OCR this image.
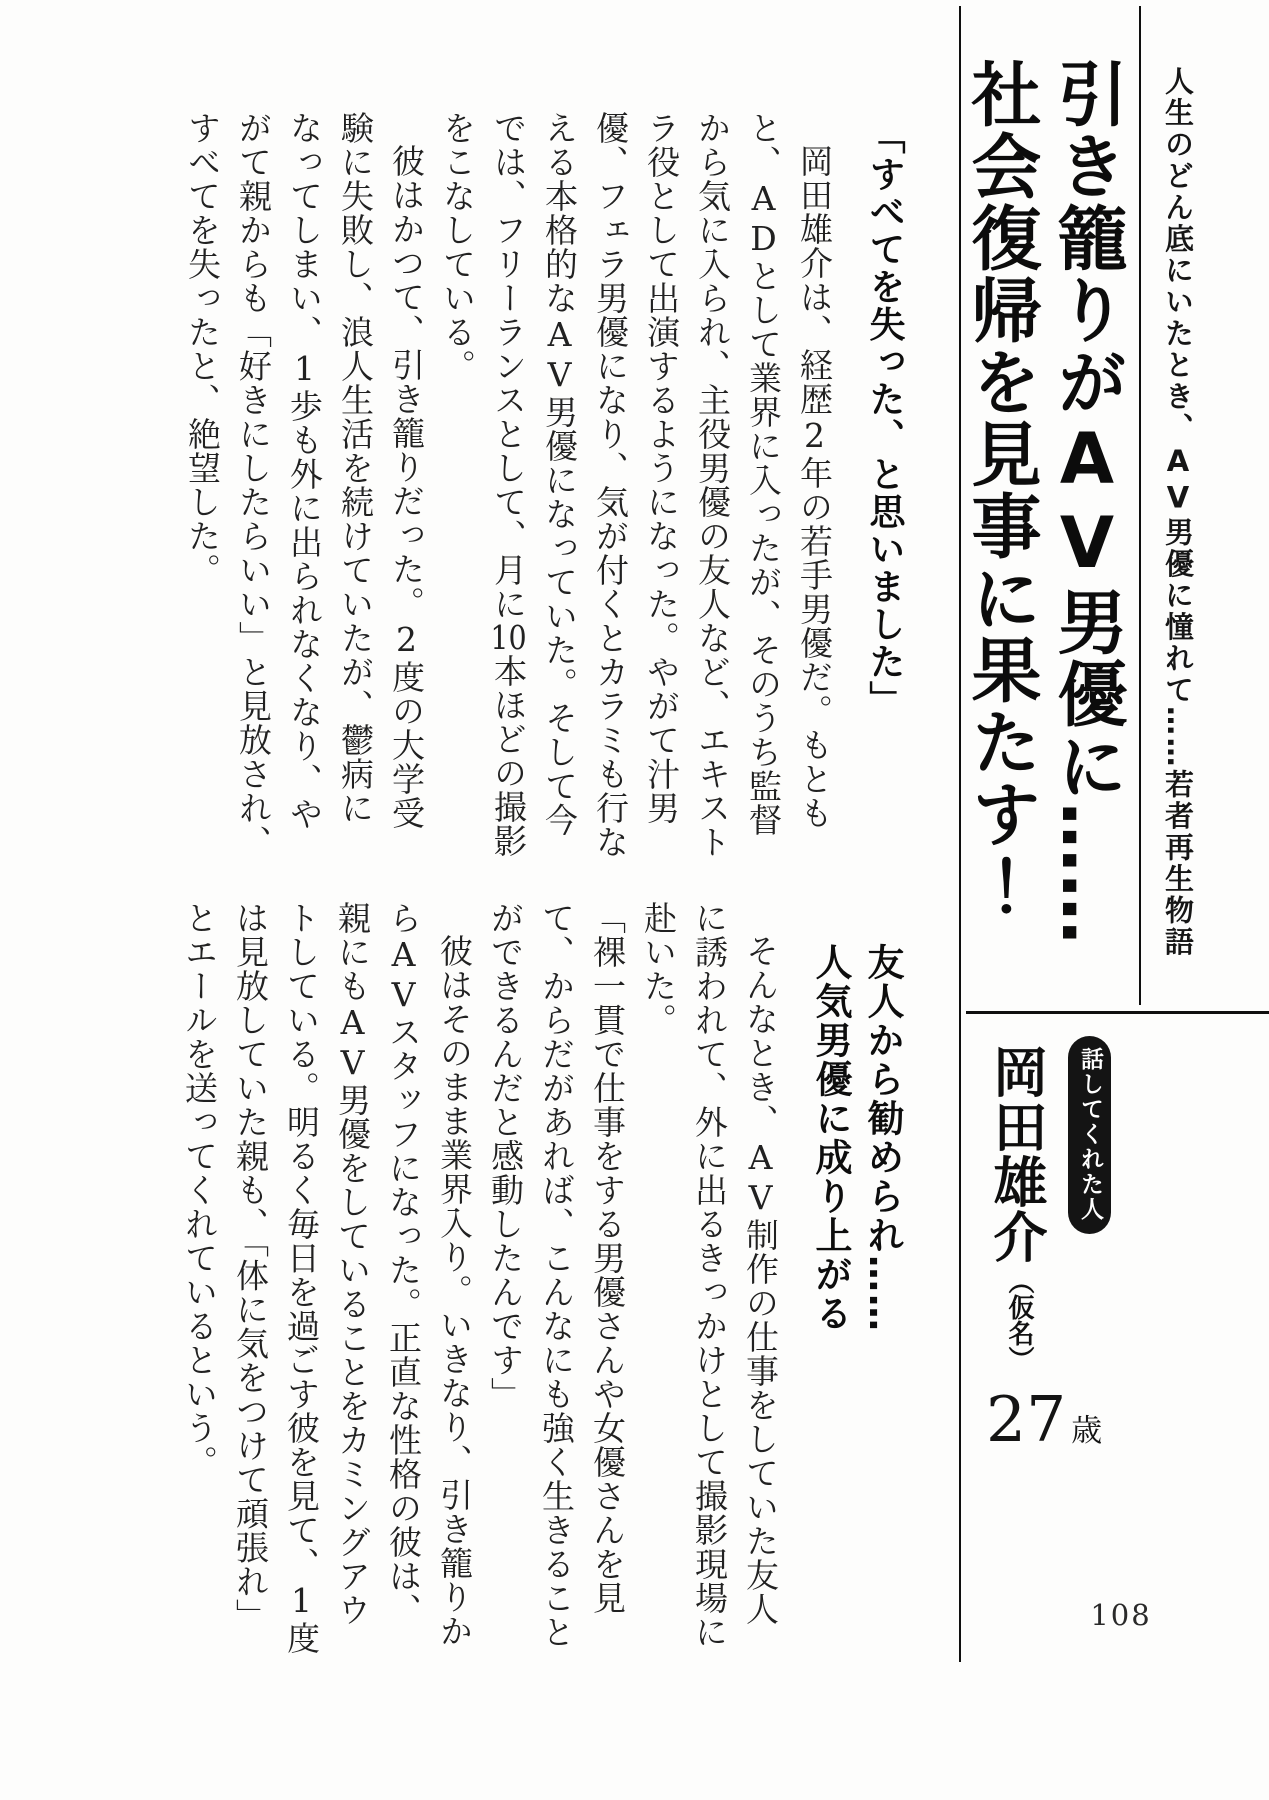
人生のどん底にいたとき、AV男優に憧れて……若者再生物語
引き籠りがAV男優に……
社会復帰を見事に果たす！
話してくれた人
岡田雄介
（仮名）
27 歳
「すべてを失った、と思いました」

岡田雄介は、経歴2年の若手男優だ。もともと、ADとして業界に入ったが、そのうち監督から気に入られ、主役男優の友人など、エキストラ役として出演するようになった。やがて汁男優、フェラ男優になり、気が付くとカラミも行なえる本格的なAV男優になっていた。そして今では、フリーランスとして、月に10本ほどの撮影をこなしている。

彼はかつて、引き籠りだった。2度の大学受験に失敗し、浪人生活を続けていたが、鬱病になってしまい、1歩も外に出られなくなり、やがて親からも「好きにしたらいい」と見放され、すべてを失ったと、絶望した。

友人から勧められ……
人気男優に成り上がる

そんなとき、AV制作の仕事をしていた友人に誘われて、外に出るきっかけとして撮影現場に赴いた。

「裸一貫で仕事をする男優さんや女優さんを見て、からだがあれば、こんなにも強く生きることができるんだと感動したんです」

彼はそのまま業界入り。いきなり、引き籠りからAVスタッフになった。正直な性格の彼は、親にもAV男優をしていることをカミングアウトしている。明るく毎日を過ごす彼を見て、1度は見放していた親も、「体に気をつけて頑張れ」とエールを送ってくれているという。

108
